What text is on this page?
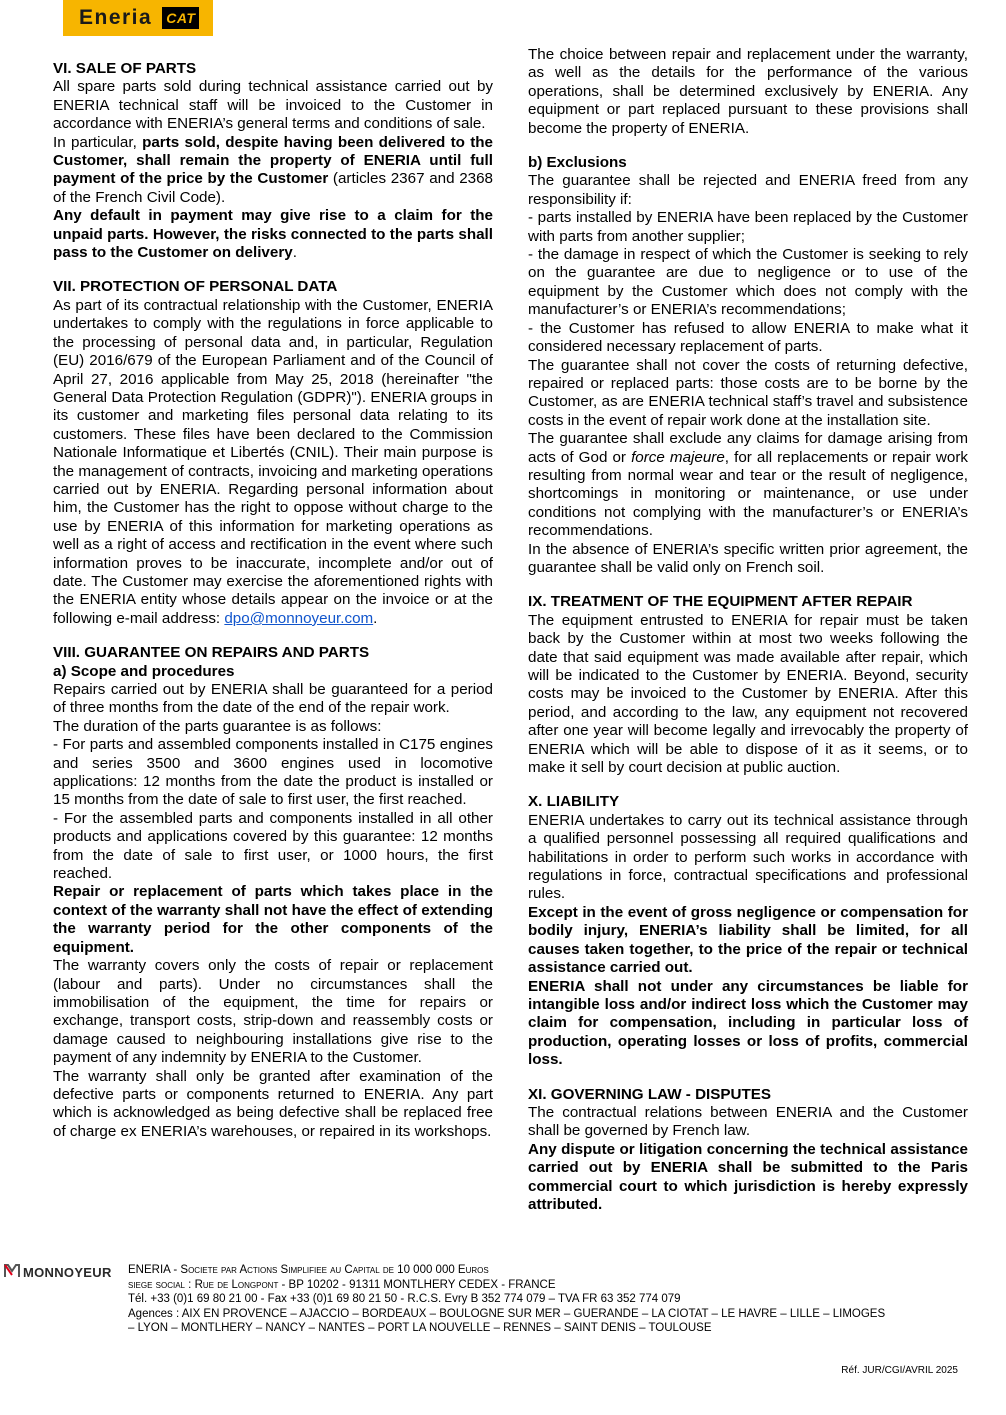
Eneria CAT
VI. SALE OF PARTS

All spare parts sold during technical assistance carried out by ENERIA technical staff will be invoiced to the Customer in accordance with ENERIA’s general terms and conditions of sale.

In particular, parts sold, despite having been delivered to the Customer, shall remain the property of ENERIA until full payment of the price by the Customer (articles 2367 and 2368 of the French Civil Code).

Any default in payment may give rise to a claim for the unpaid parts. However, the risks connected to the parts shall pass to the Customer on delivery.

VII. PROTECTION OF PERSONAL DATA

As part of its contractual relationship with the Customer, ENERIA undertakes to comply with the regulations in force applicable to the processing of personal data and, in particular, Regulation (EU) 2016/679 of the European Parliament and of the Council of April 27, 2016 applicable from May 25, 2018 (hereinafter "the General Data Protection Regulation (GDPR)"). ENERIA groups in its customer and marketing files personal data relating to its customers. These files have been declared to the Commission Nationale Informatique et Libertés (CNIL). Their main purpose is the management of contracts, invoicing and marketing operations carried out by ENERIA. Regarding personal information about him, the Customer has the right to oppose without charge to the use by ENERIA of this information for marketing operations as well as a right of access and rectification in the event where such information proves to be inaccurate, incomplete and/or out of date. The Customer may exercise the aforementioned rights with the ENERIA entity whose details appear on the invoice or at the following e-mail address: dpo@monnoyeur.com.

VIII. GUARANTEE ON REPAIRS AND PARTS
a) Scope and procedures

Repairs carried out by ENERIA shall be guaranteed for a period of three months from the date of the end of the repair work.

The duration of the parts guarantee is as follows:

- For parts and assembled components installed in C175 engines and series 3500 and 3600 engines used in locomotive applications: 12 months from the date the product is installed or 15 months from the date of sale to first user, the first reached.

- For the assembled parts and components installed in all other products and applications covered by this guarantee: 12 months from the date of sale to first user, or 1000 hours, the first reached.

Repair or replacement of parts which takes place in the context of the warranty shall not have the effect of extending the warranty period for the other components of the equipment.

The warranty covers only the costs of repair or replacement (labour and parts). Under no circumstances shall the immobilisation of the equipment, the time for repairs or exchange, transport costs, strip-down and reassembly costs or damage caused to neighbouring installations give rise to the payment of any indemnity by ENERIA to the Customer.

The warranty shall only be granted after examination of the defective parts or components returned to ENERIA. Any part which is acknowledged as being defective shall be replaced free of charge ex ENERIA’s warehouses, or repaired in its workshops.

The choice between repair and replacement under the warranty, as well as the details for the performance of the various operations, shall be determined exclusively by ENERIA. Any equipment or part replaced pursuant to these provisions shall become the property of ENERIA.

b) Exclusions

The guarantee shall be rejected and ENERIA freed from any responsibility if:

- parts installed by ENERIA have been replaced by the Customer with parts from another supplier;

- the damage in respect of which the Customer is seeking to rely on the guarantee are due to negligence or to use of the equipment by the Customer which does not comply with the manufacturer’s or ENERIA’s recommendations;

- the Customer has refused to allow ENERIA to make what it considered necessary replacement of parts.

The guarantee shall not cover the costs of returning defective, repaired or replaced parts: those costs are to be borne by the Customer, as are ENERIA technical staff’s travel and subsistence costs in the event of repair work done at the installation site.

The guarantee shall exclude any claims for damage arising from acts of God or force majeure, for all replacements or repair work resulting from normal wear and tear or the result of negligence, shortcomings in monitoring or maintenance, or use under conditions not complying with the manufacturer’s or ENERIA’s recommendations.

In the absence of ENERIA’s specific written prior agreement, the guarantee shall be valid only on French soil.

IX. TREATMENT OF THE EQUIPMENT AFTER REPAIR

The equipment entrusted to ENERIA for repair must be taken back by the Customer within at most two weeks following the date that said equipment was made available after repair, which will be indicated to the Customer by ENERIA. Beyond, security costs may be invoiced to the Customer by ENERIA. After this period, and according to the law, any equipment not recovered after one year will become legally and irrevocably the property of ENERIA which will be able to dispose of it as it seems, or to make it sell by court decision at public auction.

X. LIABILITY

ENERIA undertakes to carry out its technical assistance through a qualified personnel possessing all required qualifications and habilitations in order to perform such works in accordance with regulations in force, contractual specifications and professional rules.

Except in the event of gross negligence or compensation for bodily injury, ENERIA’s liability shall be limited, for all causes taken together, to the price of the repair or technical assistance carried out.

ENERIA shall not under any circumstances be liable for intangible loss and/or indirect loss which the Customer may claim for compensation, including in particular loss of production, operating losses or loss of profits, commercial loss.

XI. GOVERNING LAW - DISPUTES

The contractual relations between ENERIA and the Customer shall be governed by French law.

Any dispute or litigation concerning the technical assistance carried out by ENERIA shall be submitted to the Paris commercial court to which jurisdiction is hereby expressly attributed.

MONNOYEUR ENERIA - Societe par Actions Simplifiee au Capital de 10 000 000 Euros
siege social : Rue de Longpont - BP 10202 - 91311 MONTLHERY CEDEX - FRANCE
Tél. +33 (0)1 69 80 21 00 - Fax +33 (0)1 69 80 21 50 - R.C.S. Evry B 352 774 079 – TVA FR 63 352 774 079
Agences : AIX EN PROVENCE – AJACCIO – BORDEAUX – BOULOGNE SUR MER – GUERANDE – LA CIOTAT – LE HAVRE – LILLE – LIMOGES
– LYON – MONTLHERY – NANCY – NANTES – PORT LA NOUVELLE – RENNES – SAINT DENIS – TOULOUSE
Réf. JUR/CGI/AVRIL 2025
